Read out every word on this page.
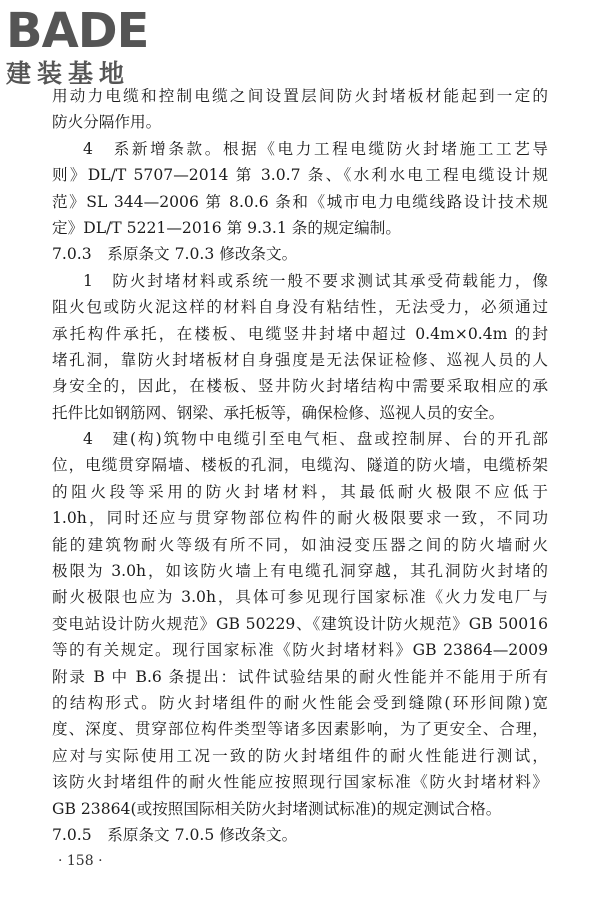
BADE
建装基地
用动力电缆和控制电缆之间设置层间防火封堵板材能起到一定的
防火分隔作用。
4　系新增条款。根据《电力工程电缆防火封堵施工工艺导
则》DL/T 5707—2014 第 3.0.7 条、《水利水电工程电缆设计规
范》SL 344—2006 第 8.0.6 条和《城市电力电缆线路设计技术规
定》DL/T 5221—2016 第 9.3.1 条的规定编制。
7.0.3　系原条文 7.0.3 修改条文。
1　防火封堵材料或系统一般不要求测试其承受荷载能力，像
阻火包或防火泥这样的材料自身没有粘结性，无法受力，必须通过
承托构件承托，在楼板、电缆竖井封堵中超过 0.4m×0.4m 的封
堵孔洞，靠防火封堵板材自身强度是无法保证检修、巡视人员的人
身安全的，因此，在楼板、竖井防火封堵结构中需要采取相应的承
托件比如钢筋网、钢梁、承托板等，确保检修、巡视人员的安全。
4　建(构)筑物中电缆引至电气柜、盘或控制屏、台的开孔部
位，电缆贯穿隔墙、楼板的孔洞，电缆沟、隧道的防火墙，电缆桥架
的阻火段等采用的防火封堵材料，其最低耐火极限不应低于
1.0h，同时还应与贯穿物部位构件的耐火极限要求一致，不同功
能的建筑物耐火等级有所不同，如油浸变压器之间的防火墙耐火
极限为 3.0h，如该防火墙上有电缆孔洞穿越，其孔洞防火封堵的
耐火极限也应为 3.0h，具体可参见现行国家标准《火力发电厂与
变电站设计防火规范》GB 50229、《建筑设计防火规范》GB 50016
等的有关规定。现行国家标准《防火封堵材料》GB 23864—2009
附录 B 中 B.6 条提出：试件试验结果的耐火性能并不能用于所有
的结构形式。防火封堵组件的耐火性能会受到缝隙(环形间隙)宽
度、深度、贯穿部位构件类型等诸多因素影响，为了更安全、合理，
应对与实际使用工况一致的防火封堵组件的耐火性能进行测试，
该防火封堵组件的耐火性能应按照现行国家标准《防火封堵材料》
GB 23864(或按照国际相关防火封堵测试标准)的规定测试合格。
7.0.5　系原条文 7.0.5 修改条文。
· 158 ·
